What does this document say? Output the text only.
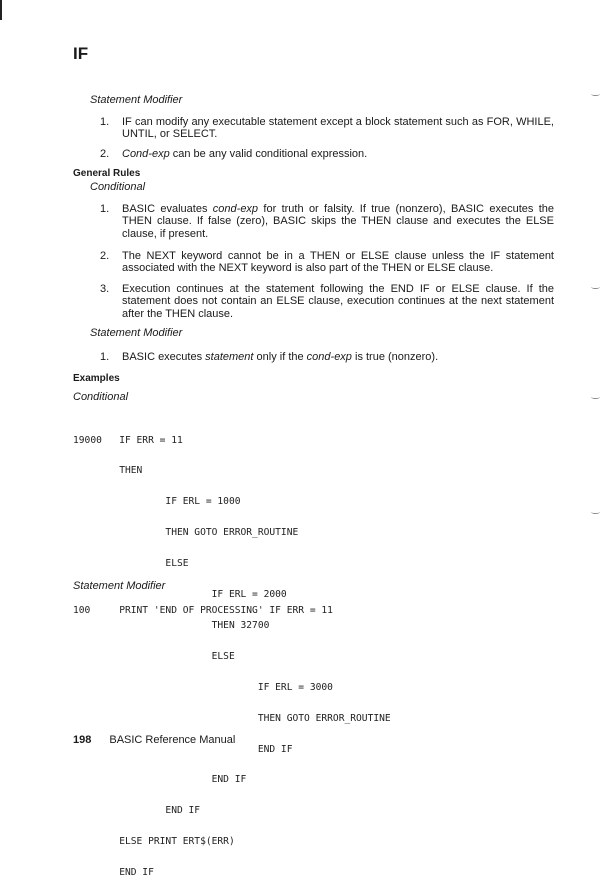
IF
Statement Modifier
1. IF can modify any executable statement except a block statement such as FOR, WHILE, UNTIL, or SELECT.
2. Cond-exp can be any valid conditional expression.
General Rules
Conditional
1. BASIC evaluates cond-exp for truth or falsity. If true (nonzero), BASIC executes the THEN clause. If false (zero), BASIC skips the THEN clause and executes the ELSE clause, if present.
2. The NEXT keyword cannot be in a THEN or ELSE clause unless the IF statement associated with the NEXT keyword is also part of the THEN or ELSE clause.
3. Execution continues at the statement following the END IF or ELSE clause. If the statement does not contain an ELSE clause, execution continues at the next statement after the THEN clause.
Statement Modifier
1. BASIC executes statement only if the cond-exp is true (nonzero).
Examples
Conditional

19000   IF ERR = 11

THEN

IF ERL = 1000

THEN GOTO ERROR_ROUTINE

ELSE

IF ERL = 2000

THEN 32700

ELSE

IF ERL = 3000

THEN GOTO ERROR_ROUTINE

END IF

END IF

END IF

ELSE PRINT ERT$(ERR)

END IF

Statement Modifier
100     PRINT 'END OF PROCESSING' IF ERR = 11
198 BASIC Reference Manual
